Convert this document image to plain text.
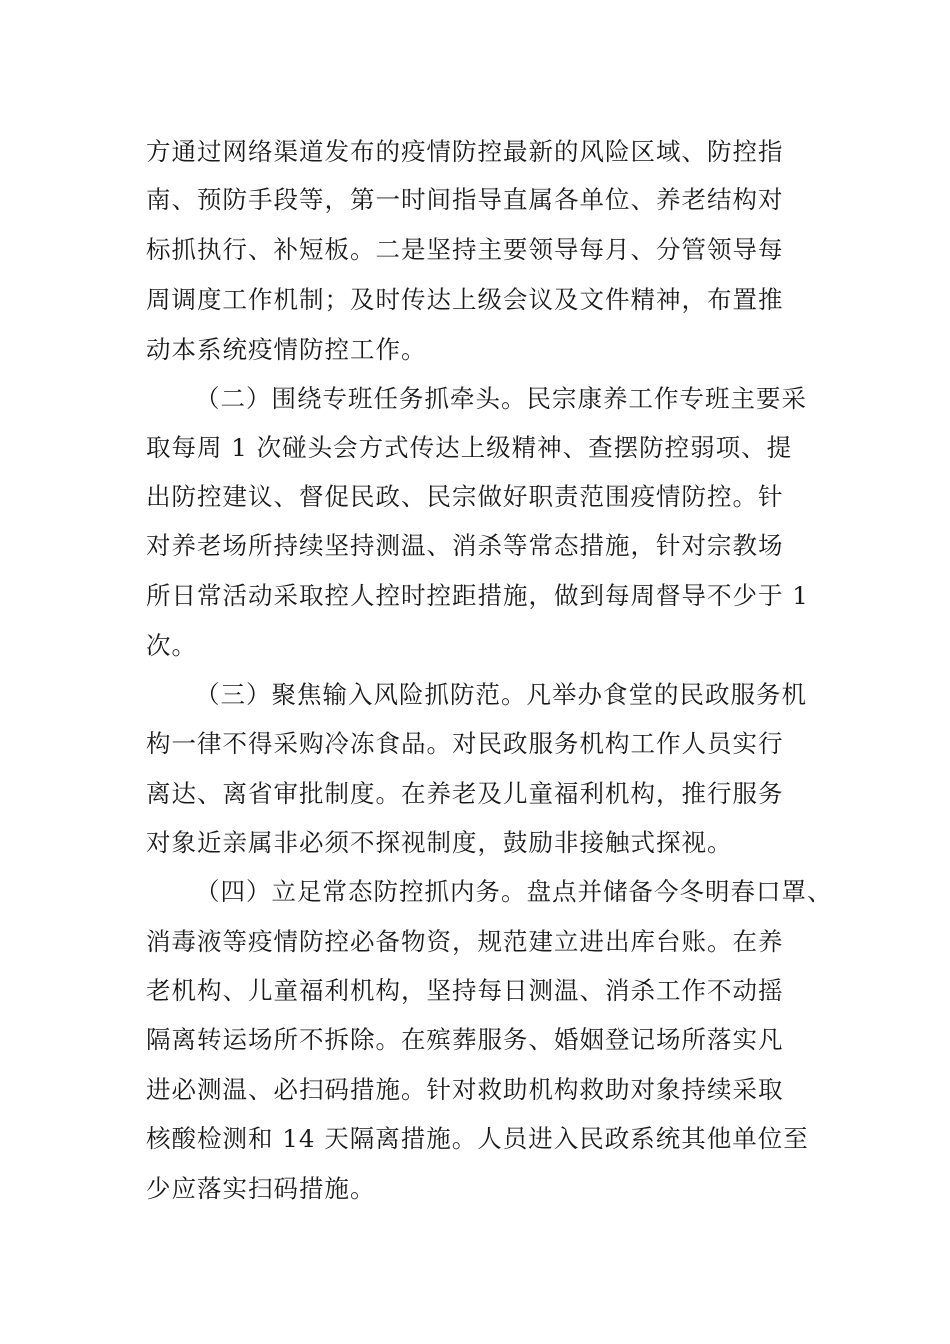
方通过网络渠道发布的疫情防控最新的风险区域、防控指
南、预防手段等，第一时间指导直属各单位、养老结构对
标抓执行、补短板。二是坚持主要领导每月、分管领导每
周调度工作机制；及时传达上级会议及文件精神，布置推
动本系统疫情防控工作。
（二）围绕专班任务抓牵头。民宗康养工作专班主要采
取每周 1 次碰头会方式传达上级精神、查摆防控弱项、提
出防控建议、督促民政、民宗做好职责范围疫情防控。针
对养老场所持续坚持测温、消杀等常态措施，针对宗教场
所日常活动采取控人控时控距措施，做到每周督导不少于 1
次。
（三）聚焦输入风险抓防范。凡举办食堂的民政服务机
构一律不得采购冷冻食品。对民政服务机构工作人员实行
离达、离省审批制度。在养老及儿童福利机构，推行服务
对象近亲属非必须不探视制度，鼓励非接触式探视。
（四）立足常态防控抓内务。盘点并储备今冬明春口罩、
消毒液等疫情防控必备物资，规范建立进出库台账。在养
老机构、儿童福利机构，坚持每日测温、消杀工作不动摇
隔离转运场所不拆除。在殡葬服务、婚姻登记场所落实凡
进必测温、必扫码措施。针对救助机构救助对象持续采取
核酸检测和 14 天隔离措施。人员进入民政系统其他单位至
少应落实扫码措施。
